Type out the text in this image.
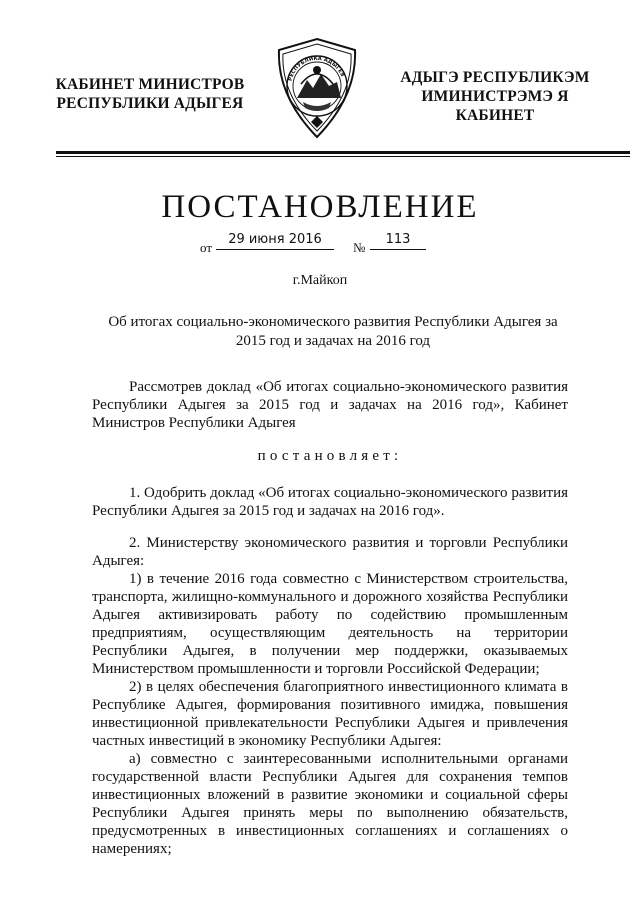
КАБИНЕТ МИНИСТРОВ
РЕСПУБЛИКИ АДЫГЕЯ
РЕСПУБЛИКА АДЫГЕЯ	АДЫГЭ РЕСПУБЛИКЭМ
ИМИНИСТРЭМЭ Я КАБИНЕТ
ПОСТАНОВЛЕНИЕ
от
29 июня 2016
№
113
г.Майкоп
Об итогах социально-экономического развития Республики Адыгея за
2015 год и задачах на 2016 год

Рассмотрев доклад «Об итогах социально-экономического развития Республики Адыгея за 2015 год и задачах на 2016 год», Кабинет Министров Республики Адыгея

постановляет:

1. Одобрить доклад «Об итогах социально-экономического развития Республики Адыгея за 2015 год и задачах на 2016 год».

2. Министерству экономического развития и торговли Республики Адыгея:

1) в течение 2016 года совместно с Министерством строительства, транспорта, жилищно-коммунального и дорожного хозяйства Республики Адыгея активизировать работу по содействию промышленным предприятиям, осуществляющим деятельность на территории Республики Адыгея, в получении мер поддержки, оказываемых Министерством промышленности и торговли Российской Федерации;

2) в целях обеспечения благоприятного инвестиционного климата в Республике Адыгея, формирования позитивного имиджа, повышения инвестиционной привлекательности Республики Адыгея и привлечения частных инвестиций в экономику Республики Адыгея:

а) совместно с заинтересованными исполнительными органами государственной власти Республики Адыгея для сохранения темпов инвестиционных вложений в развитие экономики и социальной сферы Республики Адыгея принять меры по выполнению обязательств, предусмотренных в инвестиционных соглашениях и соглашениях о намерениях;
